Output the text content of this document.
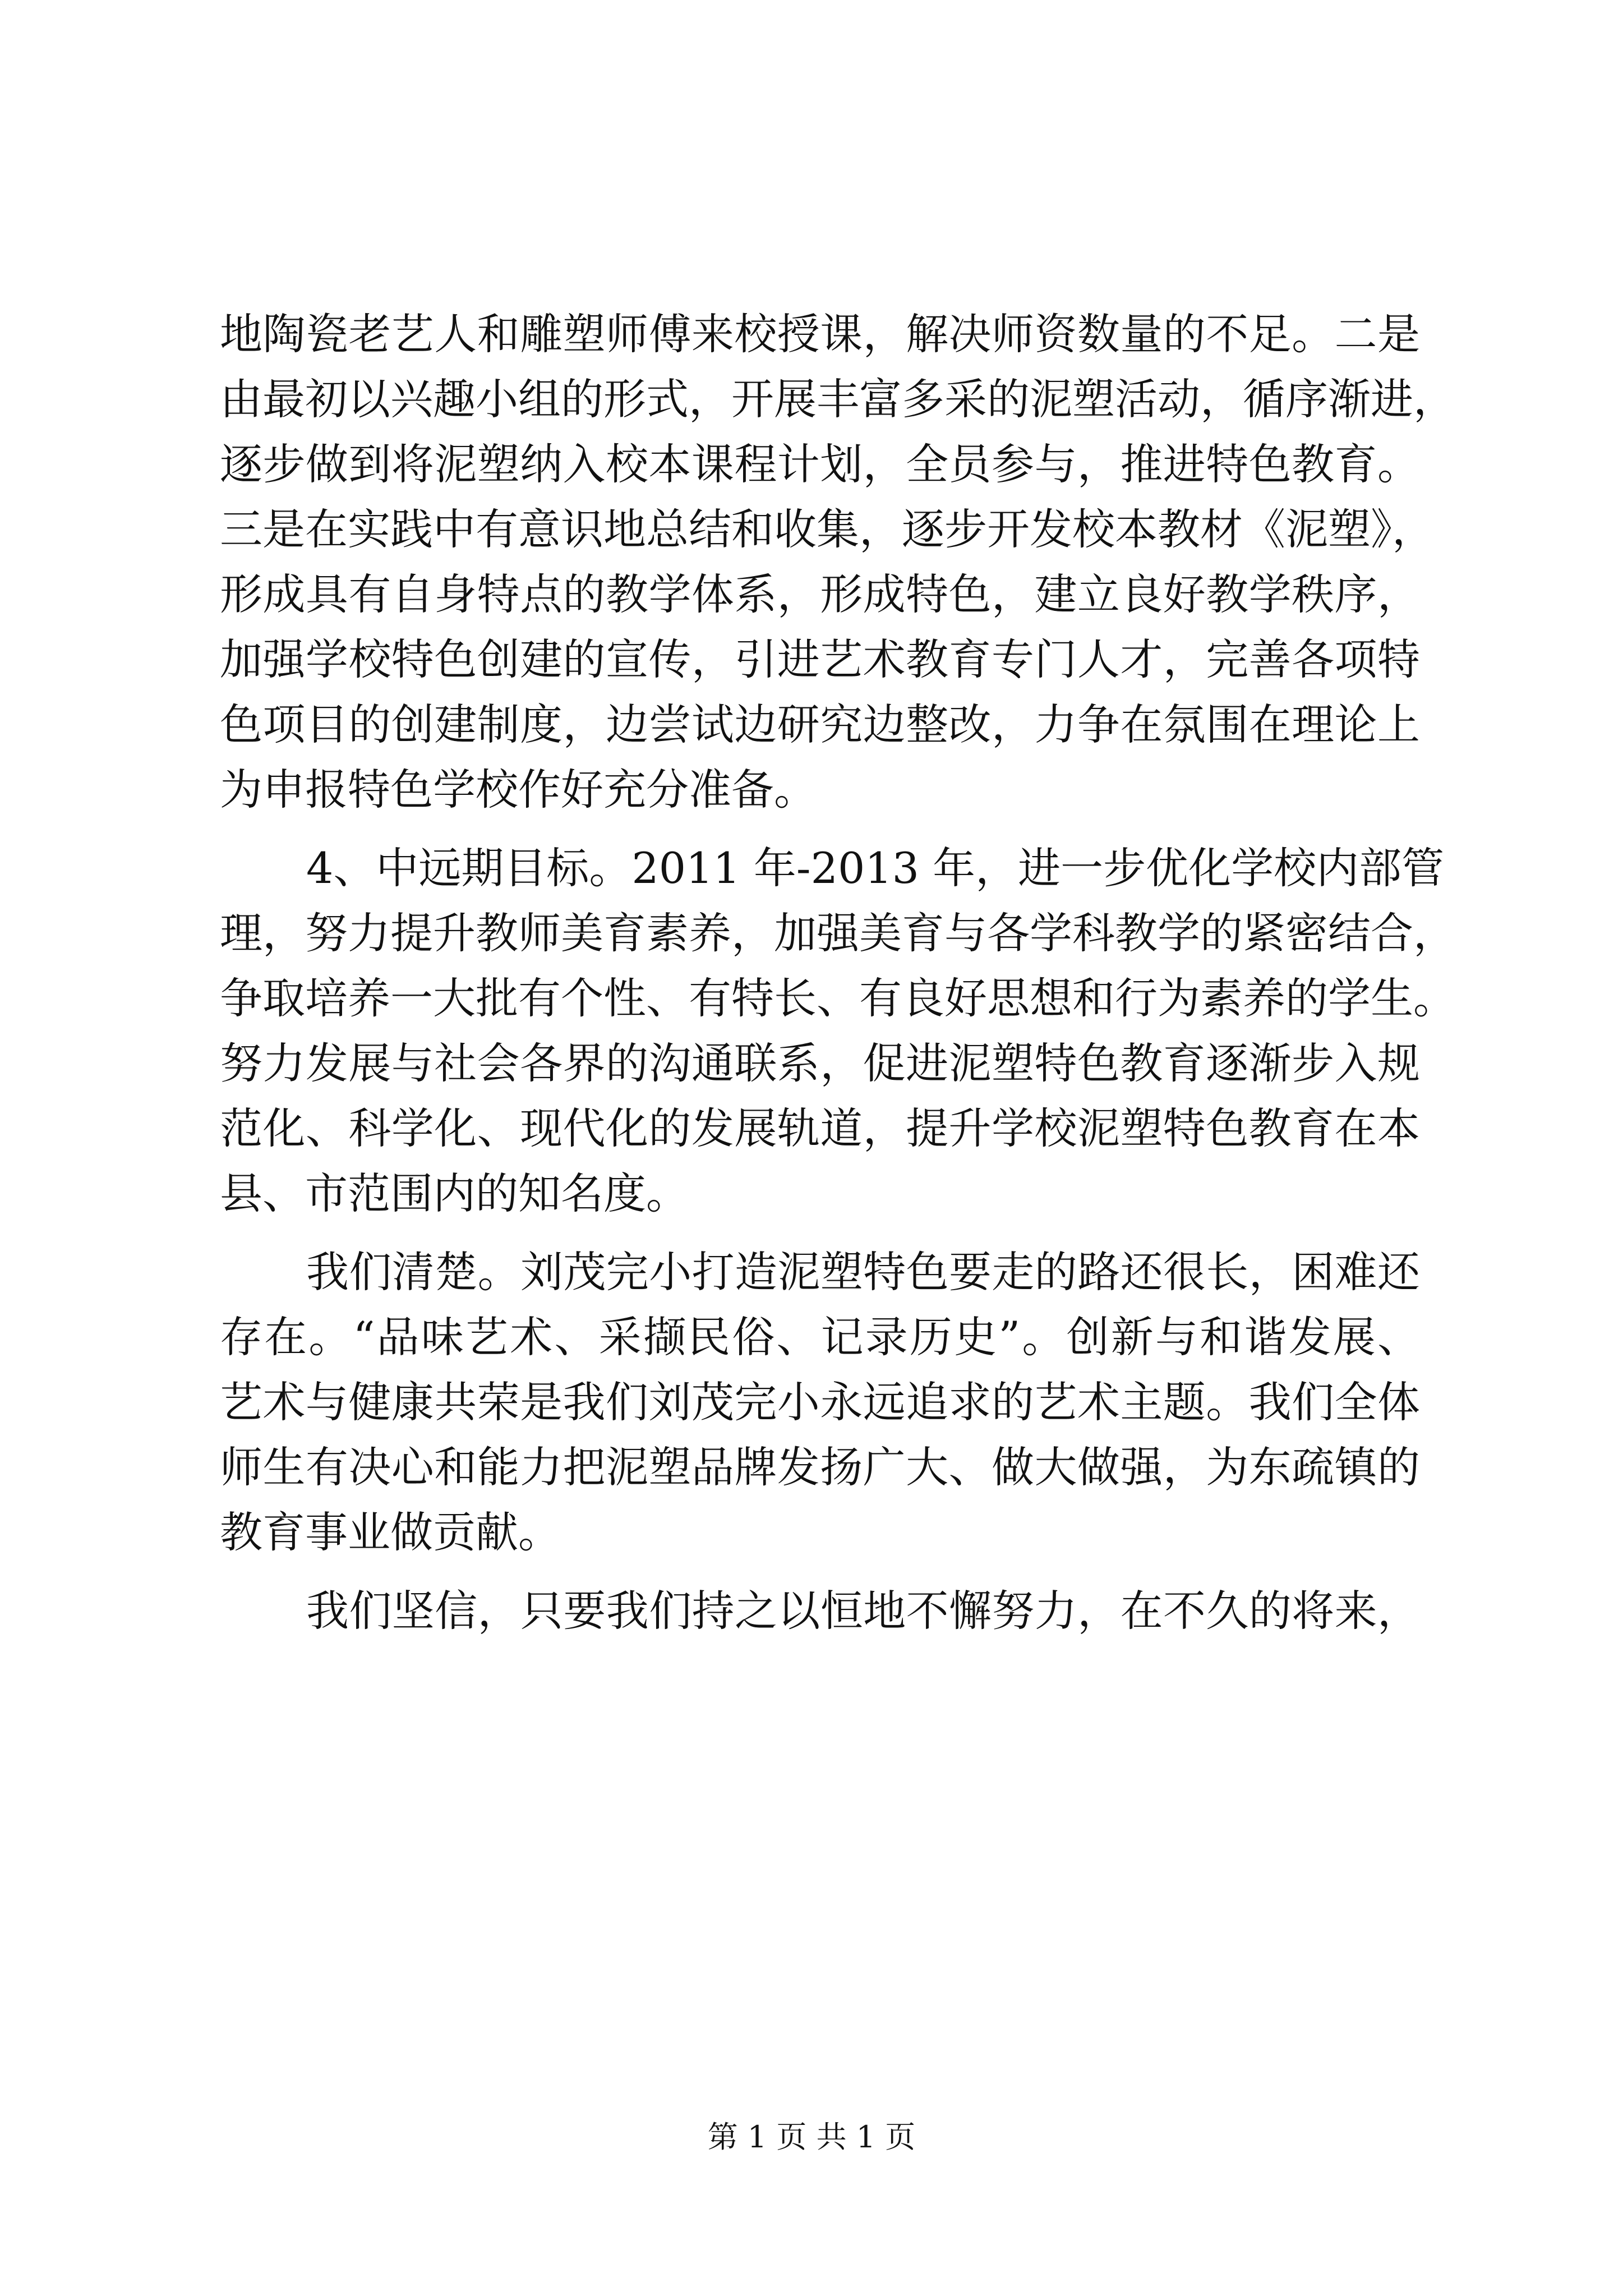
地陶瓷老艺人和雕塑师傅来校授课，解决师资数量的不足。二是
由最初以兴趣小组的形式，开展丰富多采的泥塑活动，循序渐进，
逐步做到将泥塑纳入校本课程计划，全员参与，推进特色教育。
三是在实践中有意识地总结和收集，逐步开发校本教材《泥塑》，
形成具有自身特点的教学体系，形成特色，建立良好教学秩序，
加强学校特色创建的宣传，引进艺术教育专门人才，完善各项特
色项目的创建制度，边尝试边研究边整改，力争在氛围在理论上
为申报特色学校作好充分准备。
4、中远期目标。2011 年-2013 年，进一步优化学校内部管
理，努力提升教师美育素养，加强美育与各学科教学的紧密结合，
争取培养一大批有个性、有特长、有良好思想和行为素养的学生。
努力发展与社会各界的沟通联系，促进泥塑特色教育逐渐步入规
范化、科学化、现代化的发展轨道，提升学校泥塑特色教育在本
县、市范围内的知名度。
我们清楚。刘茂完小打造泥塑特色要走的路还很长，困难还
存在。“品味艺术、采撷民俗、记录历史”。创新与和谐发展、
艺术与健康共荣是我们刘茂完小永远追求的艺术主题。我们全体
师生有决心和能力把泥塑品牌发扬广大、做大做强，为东疏镇的
教育事业做贡献。
我们坚信，只要我们持之以恒地不懈努力，在不久的将来，
第 1 页 共 1 页
